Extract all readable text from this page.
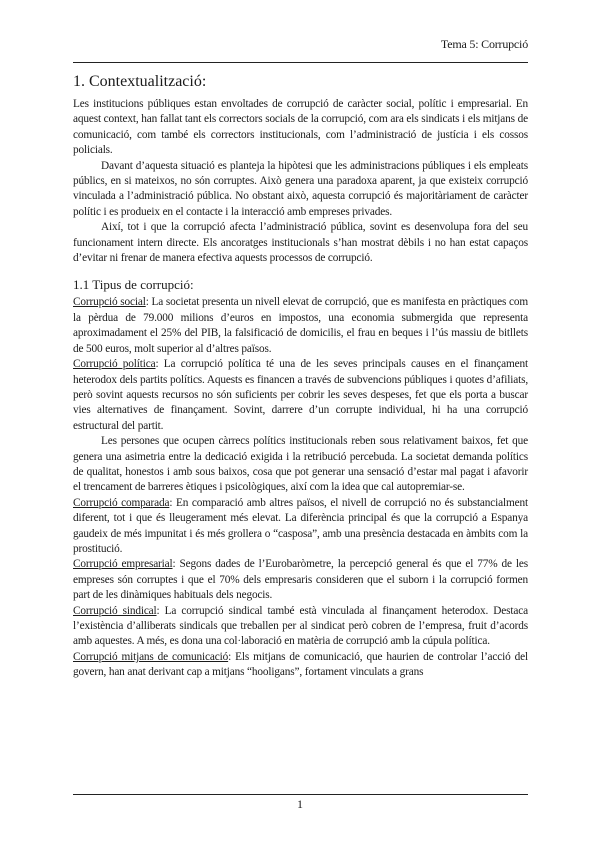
Tema 5: Corrupció
1. Contextualització:

Les institucions públiques estan envoltades de corrupció de caràcter social, polític i empresarial. En aquest context, han fallat tant els correctors socials de la corrupció, com ara els sindicats i els mitjans de comunicació, com també els correctors institucionals, com l’administració de justícia i els cossos policials.

Davant d’aquesta situació es planteja la hipòtesi que les administracions públiques i els empleats públics, en si mateixos, no són corruptes. Això genera una paradoxa aparent, ja que existeix corrupció vinculada a l’administració pública. No obstant això, aquesta corrupció és majoritàriament de caràcter polític i es produeix en el contacte i la interacció amb empreses privades.

Així, tot i que la corrupció afecta l’administració pública, sovint es desenvolupa fora del seu funcionament intern directe. Els ancoratges institucionals s’han mostrat dèbils i no han estat capaços d’evitar ni frenar de manera efectiva aquests processos de corrupció.

1.1 Tipus de corrupció:

Corrupció social: La societat presenta un nivell elevat de corrupció, que es manifesta en pràctiques com la pèrdua de 79.000 milions d’euros en impostos, una economia submergida que representa aproximadament el 25% del PIB, la falsificació de domicilis, el frau en beques i l’ús massiu de bitllets de 500 euros, molt superior al d’altres països.

Corrupció política: La corrupció política té una de les seves principals causes en el finançament heterodox dels partits polítics. Aquests es financen a través de subvencions públiques i quotes d’afiliats, però sovint aquests recursos no són suficients per cobrir les seves despeses, fet que els porta a buscar vies alternatives de finançament. Sovint, darrere d’un corrupte individual, hi ha una corrupció estructural del partit.

Les persones que ocupen càrrecs polítics institucionals reben sous relativament baixos, fet que genera una asimetria entre la dedicació exigida i la retribució percebuda. La societat demanda polítics de qualitat, honestos i amb sous baixos, cosa que pot generar una sensació d’estar mal pagat i afavorir el trencament de barreres ètiques i psicològiques, així com la idea que cal autopremiar-se.

Corrupció comparada: En comparació amb altres països, el nivell de corrupció no és substancialment diferent, tot i que és lleugerament més elevat. La diferència principal és que la corrupció a Espanya gaudeix de més impunitat i és més grollera o “casposa”, amb una presència destacada en àmbits com la prostitució.

Corrupció empresarial: Segons dades de l’Eurobaròmetre, la percepció general és que el 77% de les empreses són corruptes i que el 70% dels empresaris consideren que el suborn i la corrupció formen part de les dinàmiques habituals dels negocis.

Corrupció sindical: La corrupció sindical també està vinculada al finançament heterodox. Destaca l’existència d’alliberats sindicals que treballen per al sindicat però cobren de l’empresa, fruit d’acords amb aquestes. A més, es dona una col·laboració en matèria de corrupció amb la cúpula política.

Corrupció mitjans de comunicació: Els mitjans de comunicació, que haurien de controlar l’acció del govern, han anat derivant cap a mitjans “hooligans”, fortament vinculats a grans

1
